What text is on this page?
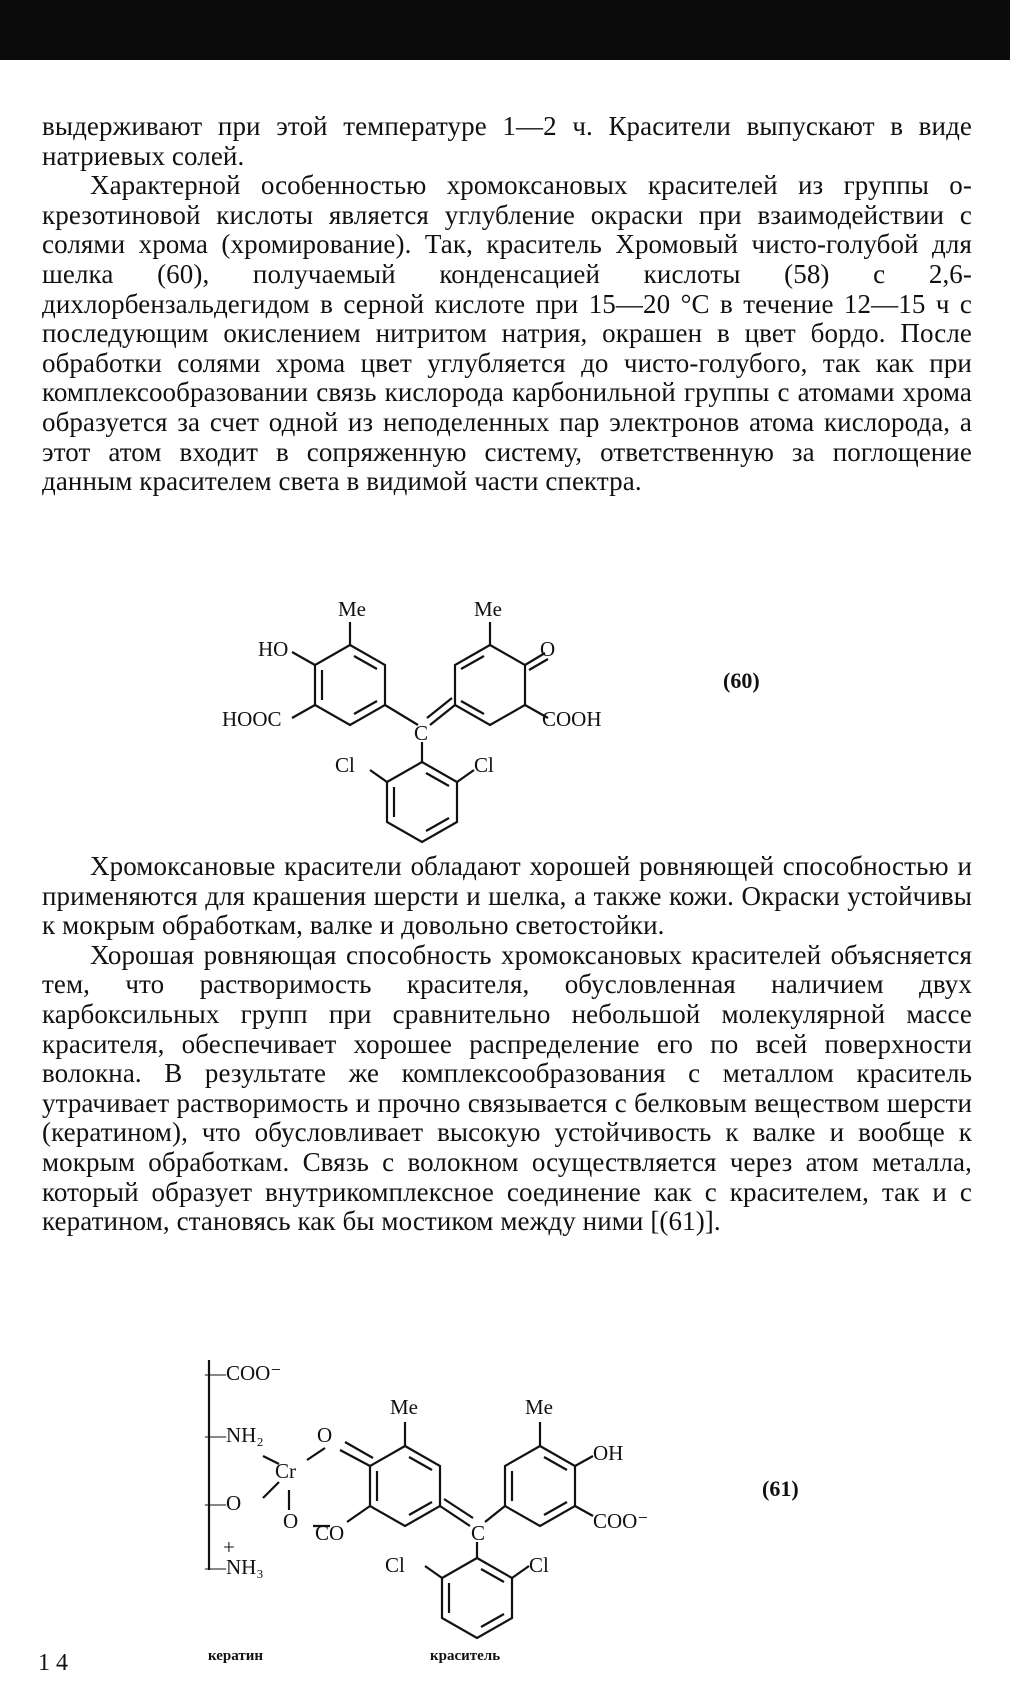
выдерживают при этой температуре 1—2 ч. Красители выпускают в виде натриевых солей.

Характерной особенностью хромоксановых красителей из группы о-крезотиновой кислоты является углубление окраски при взаимодействии с солями хрома (хромирование). Так, краситель Хромовый чисто-голубой для шелка (60), получаемый конденсацией кислоты (58) с 2,6-дихлорбензальдегидом в серной кислоте при 15—20 °С в течение 12—15 ч с последующим окислением нитритом натрия, окрашен в цвет бордо. После обработки солями хрома цвет углубляется до чисто-голубого, так как при комплексообразовании связь кислорода карбонильной группы с атомами хрома образуется за счет одной из неподеленных пар электронов атома кислорода, а этот атом входит в сопряженную систему, ответственную за поглощение данным красителем света в видимой части спектра.

Me	Me
HO	O
HOOC	COOH
C
Cl	Cl
(60)

Хромоксановые красители обладают хорошей ровняющей способностью и применяются для крашения шерсти и шелка, а также кожи. Окраски устойчивы к мокрым обработкам, валке и довольно светостойки.

Хорошая ровняющая способность хромоксановых красителей объясняется тем, что растворимость красителя, обусловленная наличием двух карбоксильных групп при сравнительно небольшой молекулярной массе красителя, обеспечивает хорошее распределение его по всей поверхности волокна. В результате же комплексообразования с металлом краситель утрачивает растворимость и прочно связывается с белковым веществом шерсти (кератином), что обусловливает высокую устойчивость к валке и вообще к мокрым обработкам. Связь с волокном осуществляется через атом металла, который образует внутрикомплексное соединение как с красителем, так и с кератином, становясь как бы мостиком между ними [(61)].

—COO⁻
—NH₂
Cr
O
—O
O CO
+
—NH₃
Me	Me
OH
C	COO⁻
Cl	Cl
(61)
кератин	краситель
1 4
